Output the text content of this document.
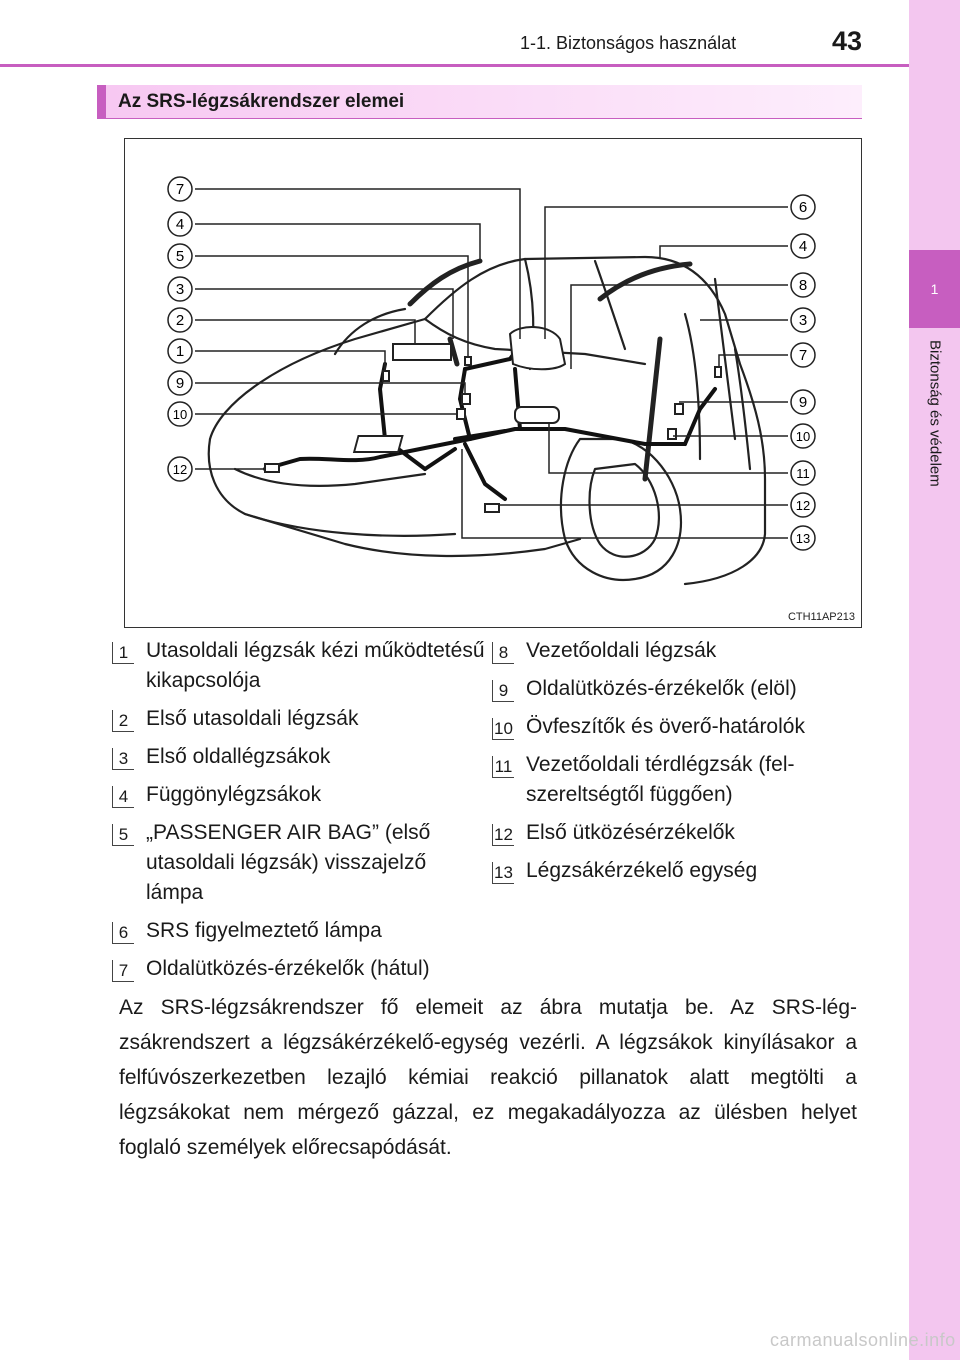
1
Biztonság és védelem
1-1. Biztonságos használat	43
Az SRS-légzsákrendszer elemei
7
4
5
3
2
1
9
10
12
6
4
8
3
7
9
10
11
12
13
CTH11AP213
1 Utasoldali légzsák kézi működtetésű kikapcsolója
2 Első utasoldali légzsák
3 Első oldallégzsákok
4 Függönylégzsákok
5 „PASSENGER AIR BAG” (első utasoldali légzsák) visszajelző lámpa
6 SRS figyelmeztető lámpa
7 Oldalütközés-érzékelők (hátul)
8 Vezetőoldali légzsák
9 Oldalütközés-érzékelők (elöl)
10 Övfeszítők és överő-határolók
11 Vezetőoldali térdlégzsák (felszereltségtől függően)
12 Első ütközésérzékelők
13 Légzsákérzékelő egység

Az SRS-légzsákrendszer fő elemeit az ábra mutatja be. Az SRS-légzsákrendszert a légzsákérzékelő-egység vezérli. A légzsákok kinyílásakor a felfúvószerkezetben lezajló kémiai reakció pillanatok alatt megtölti a légzsákokat nem mérgező gázzal, ez megakadályozza az ülésben helyet foglaló személyek előrecsapódását.

carmanualsonline.info
